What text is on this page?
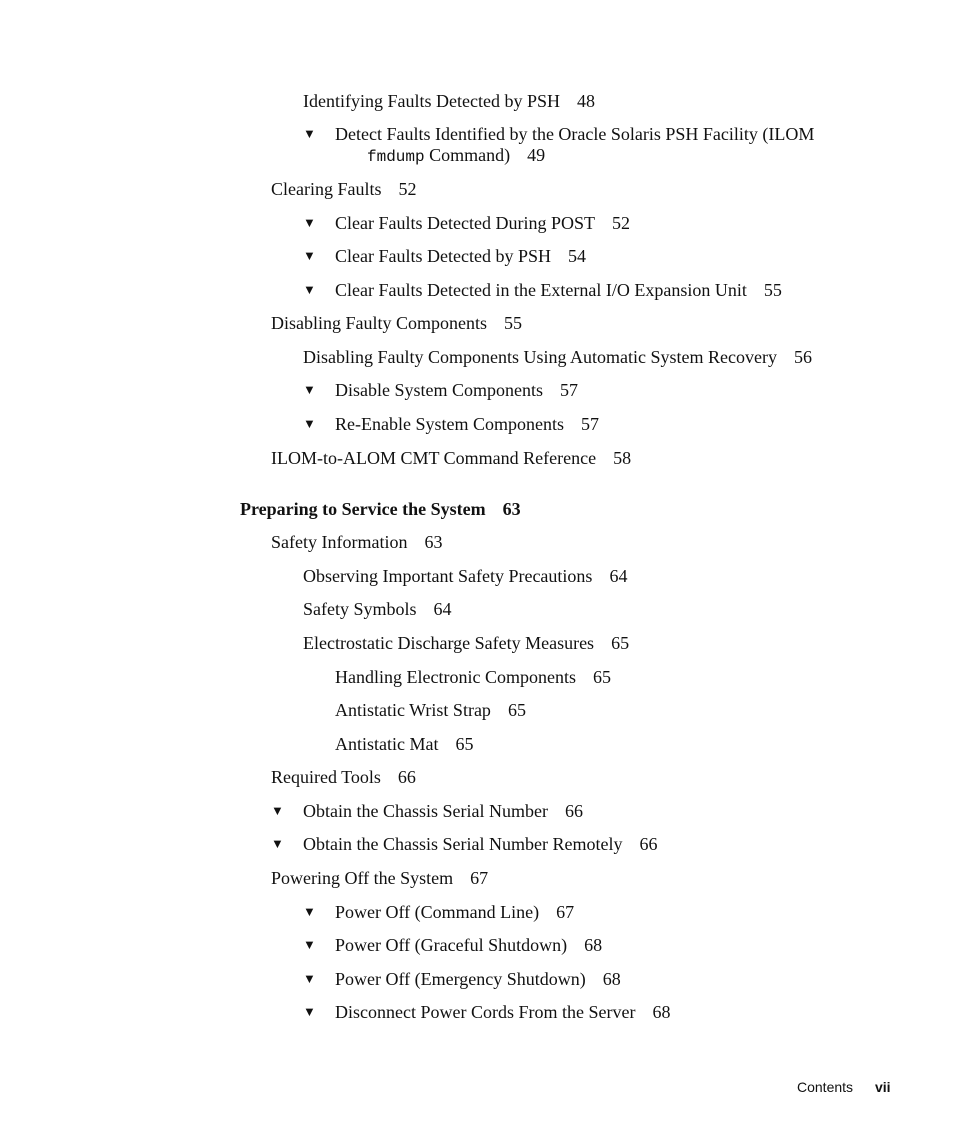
Identifying Faults Detected by PSH 48
▼ Detect Faults Identified by the Oracle Solaris PSH Facility (ILOM
fmdump Command) 49
Clearing Faults 52
▼ Clear Faults Detected During POST 52
▼ Clear Faults Detected by PSH 54
▼ Clear Faults Detected in the External I/O Expansion Unit 55
Disabling Faulty Components 55
Disabling Faulty Components Using Automatic System Recovery 56
▼ Disable System Components 57
▼ Re-Enable System Components 57
ILOM-to-ALOM CMT Command Reference 58
Preparing to Service the System 63
Safety Information 63
Observing Important Safety Precautions 64
Safety Symbols 64
Electrostatic Discharge Safety Measures 65
Handling Electronic Components 65
Antistatic Wrist Strap 65
Antistatic Mat 65
Required Tools 66
▼ Obtain the Chassis Serial Number 66
▼ Obtain the Chassis Serial Number Remotely 66
Powering Off the System 67
▼ Power Off (Command Line) 67
▼ Power Off (Graceful Shutdown) 68
▼ Power Off (Emergency Shutdown) 68
▼ Disconnect Power Cords From the Server 68
Contents vii
